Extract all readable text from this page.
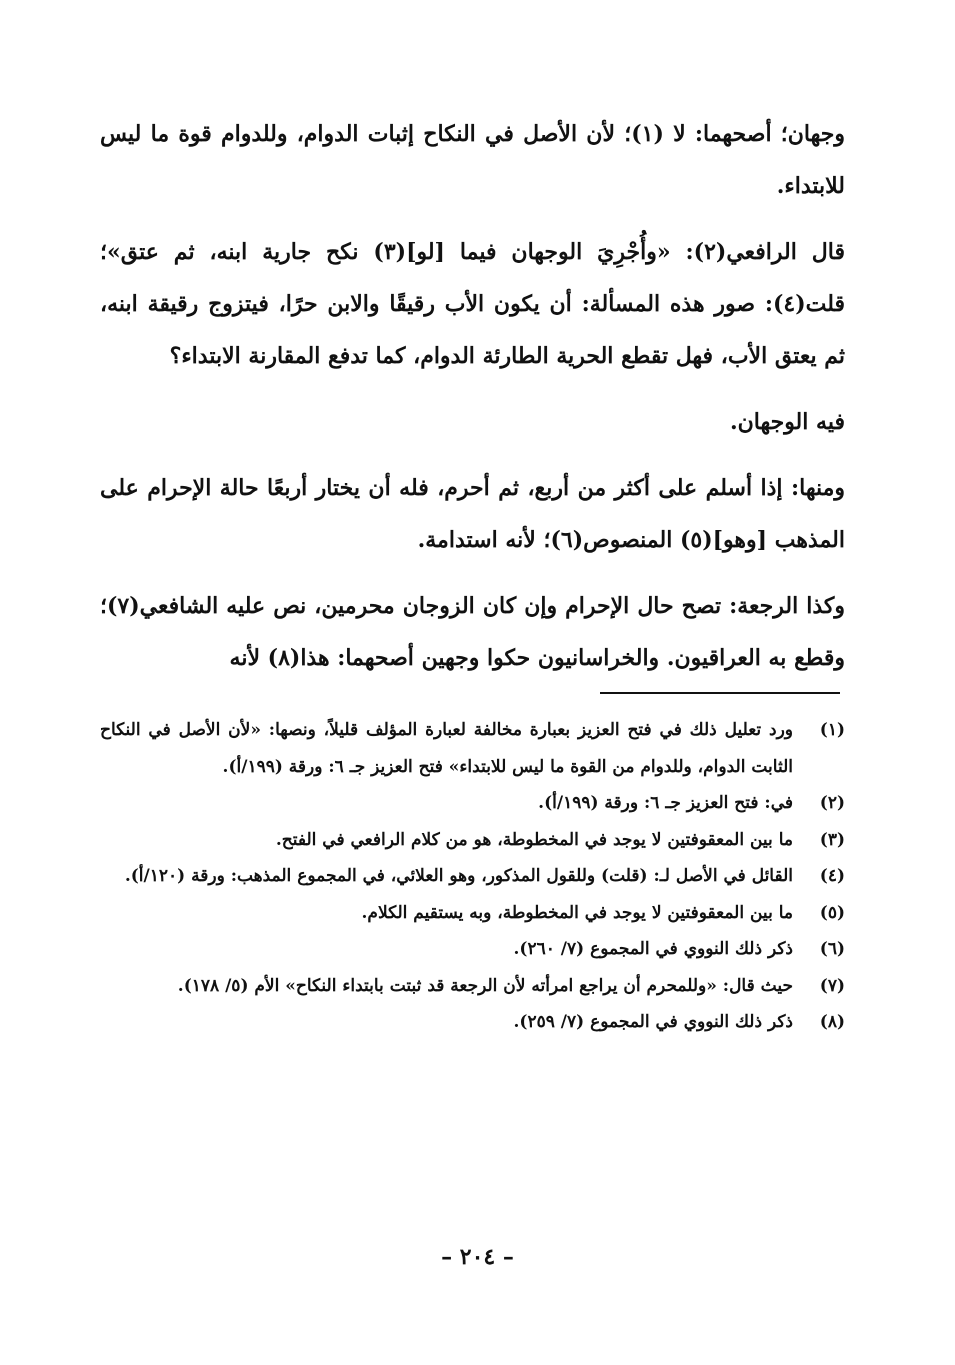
وجهان؛ أصحهما: لا (١)؛ لأن الأصل في النكاح إثبات الدوام، وللدوام قوة ما ليس للابتداء.

قال الرافعي(٢): «وأُجْرِيَ الوجهان فيما [لو](٣) نكح جارية ابنه، ثم عتق»؛ قلت(٤): صور هذه المسألة: أن يكون الأب رقيقًا والابن حرًا، فيتزوج رقيقة ابنه، ثم يعتق الأب، فهل تقطع الحرية الطارئة الدوام، كما تدفع المقارنة الابتداء؟

فيه الوجهان.

ومنها: إذا أسلم على أكثر من أربع، ثم أحرم، فله أن يختار أربعًا حالة الإحرام على المذهب [وهو](٥) المنصوص(٦)؛ لأنه استدامة.

وكذا الرجعة: تصح حال الإحرام وإن كان الزوجان محرمين، نص عليه الشافعي(٧)؛ وقطع به العراقيون. والخراسانيون حكوا وجهين أصحهما: هذا(٨) لأنه

(١)
ورد تعليل ذلك في فتح العزيز بعبارة مخالفة لعبارة المؤلف قليلاً، ونصها: «لأن الأصل في النكاح الثابت الدوام، وللدوام من القوة ما ليس للابتداء» فتح العزيز جـ ٦: ورقة (١٩٩/أ).
(٢)
في: فتح العزيز جـ ٦: ورقة (١٩٩/أ).
(٣)
ما بين المعقوفتين لا يوجد في المخطوطة، هو من كلام الرافعي في الفتح.
(٤)
القائل في الأصل لـ: (قلت) وللقول المذكور، وهو العلائي، في المجموع المذهب: ورقة (١٢٠/أ).
(٥)
ما بين المعقوفتين لا يوجد في المخطوطة، وبه يستقيم الكلام.
(٦)
ذكر ذلك النووي في المجموع (٧/ ٢٦٠).
(٧)
حيث قال: «وللمحرم أن يراجع امرأته لأن الرجعة قد ثبتت بابتداء النكاح» الأم (٥/ ١٧٨).
(٨)
ذكر ذلك النووي في المجموع (٧/ ٢٥٩).
– ٢٠٤ –
